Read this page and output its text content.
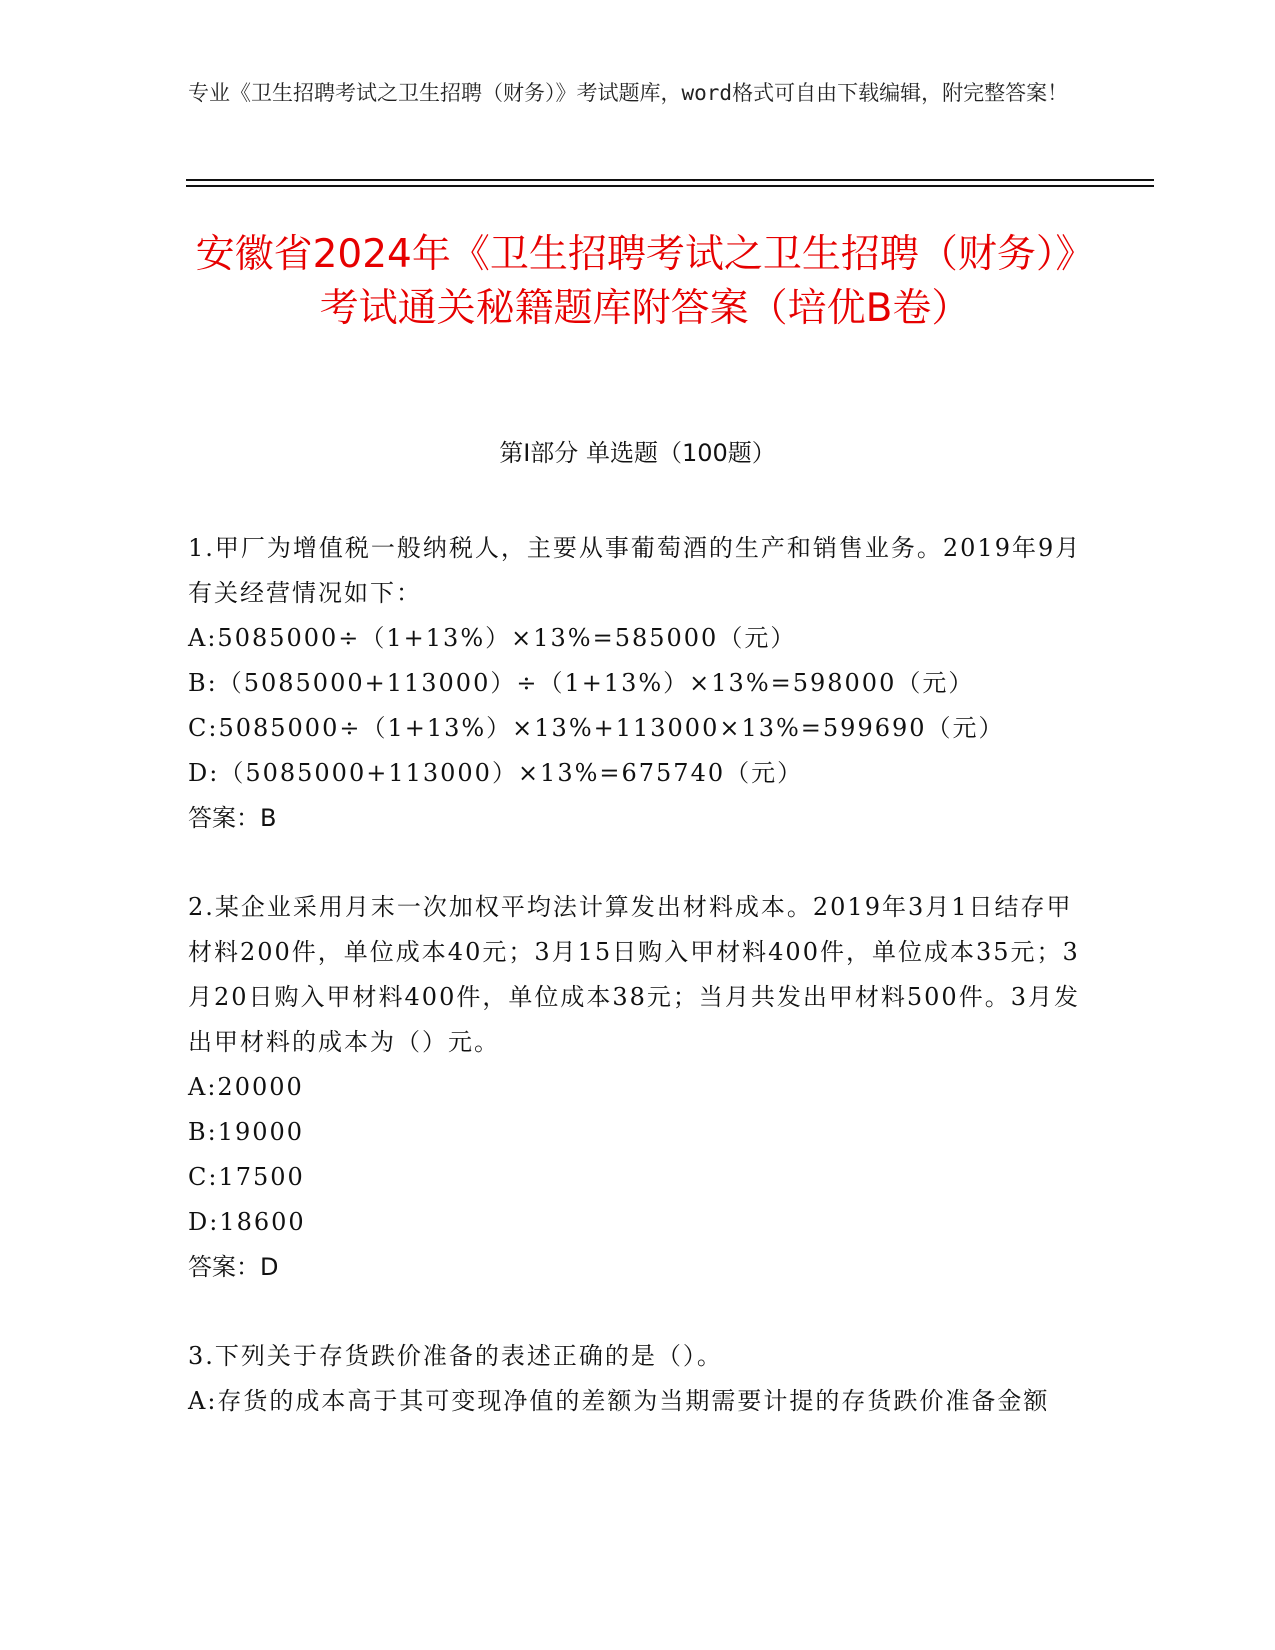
专业《卫生招聘考试之卫生招聘（财务）》考试题库，word格式可自由下载编辑，附完整答案！
安徽省2024年《卫生招聘考试之卫生招聘（财务）》考试通关秘籍题库附答案（培优B卷）
第I部分 单选题（100题）
1.甲厂为增值税一般纳税人，主要从事葡萄酒的生产和销售业务。2019年9月有关经营情况如下：
A:5085000÷（1+13%）×13%=585000（元）
B:（5085000+113000）÷（1+13%）×13%=598000（元）
C:5085000÷（1+13%）×13%+113000×13%=599690（元）
D:（5085000+113000）×13%=675740（元）
答案：B
2.某企业采用月末一次加权平均法计算发出材料成本。2019年3月1日结存甲材料200件，单位成本40元；3月15日购入甲材料400件，单位成本35元；3月20日购入甲材料400件，单位成本38元；当月共发出甲材料500件。3月发出甲材料的成本为（）元。
A:20000
B:19000
C:17500
D:18600
答案：D
3.下列关于存货跌价准备的表述正确的是（）。
A:存货的成本高于其可变现净值的差额为当期需要计提的存货跌价准备金额
